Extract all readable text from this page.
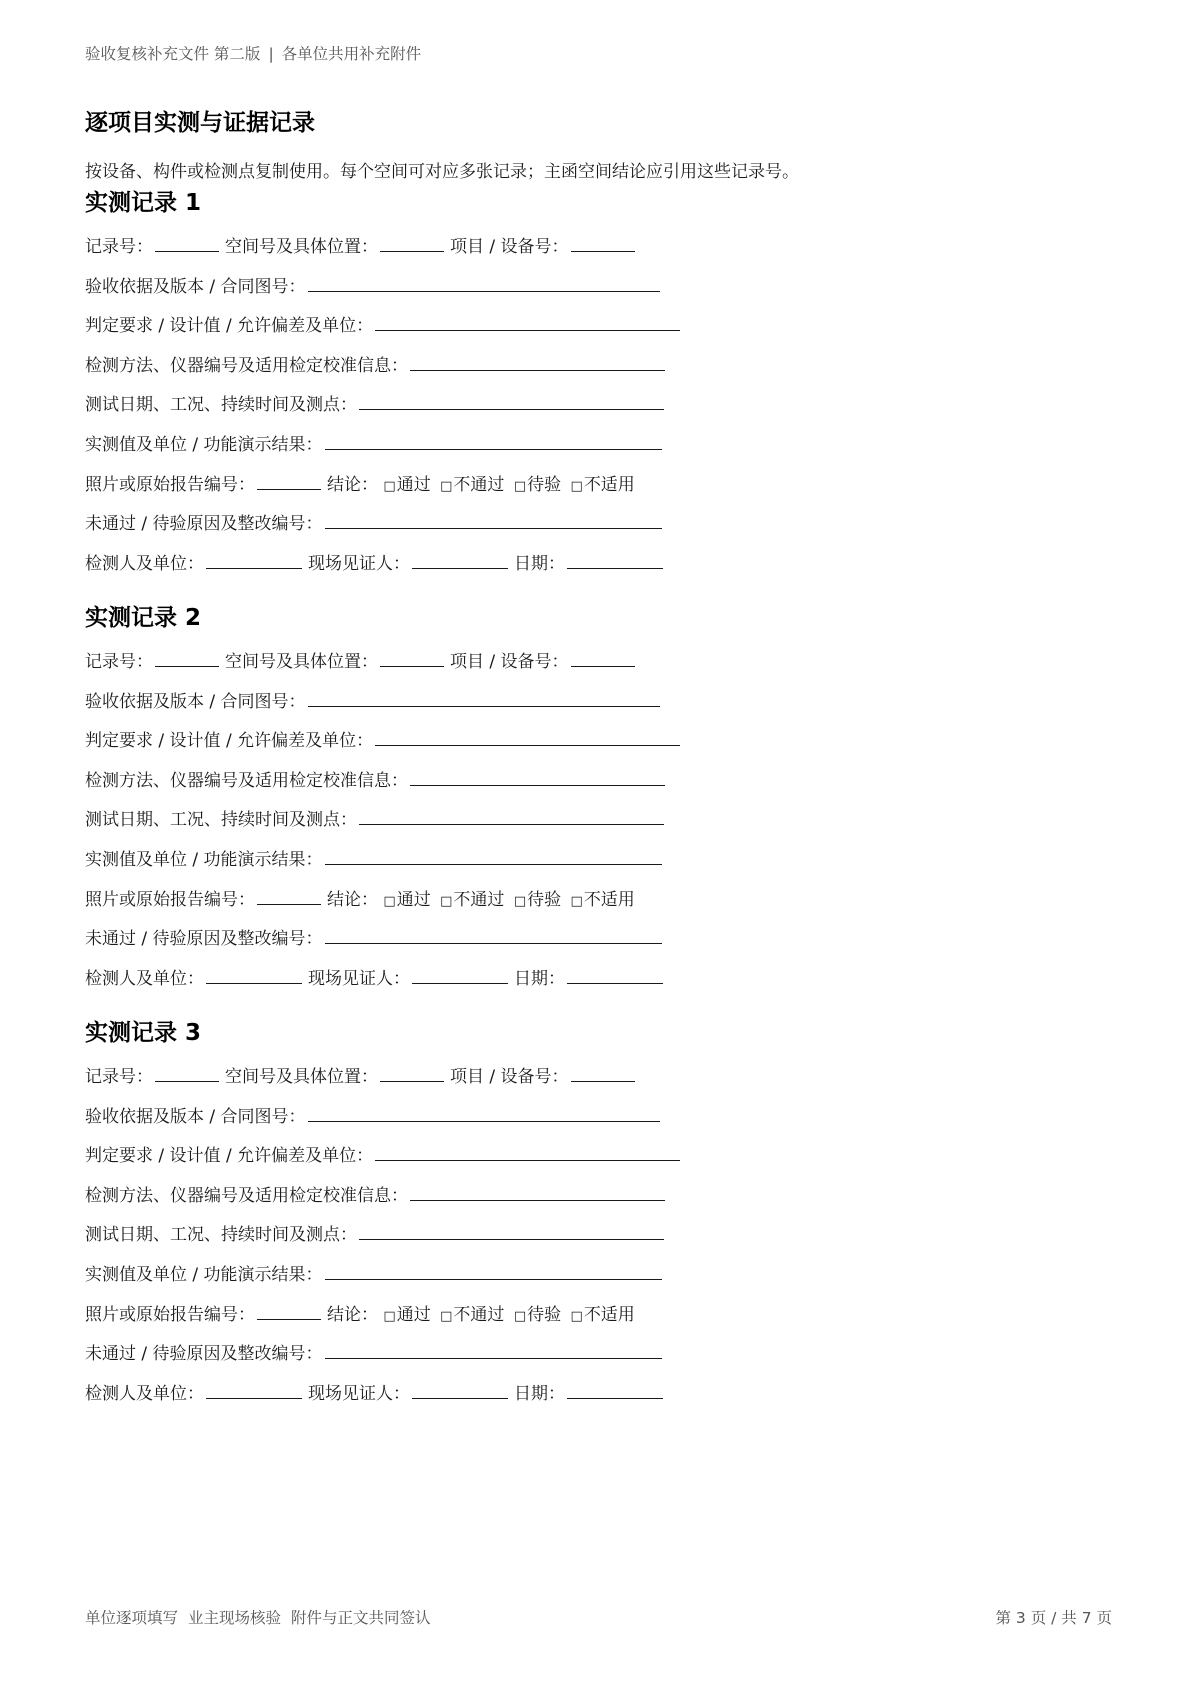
验收复核补充文件 第二版 | 各单位共用补充附件
逐项目实测与证据记录
按设备、构件或检测点复制使用。每个空间可对应多张记录；主函空间结论应引用这些记录号。
实测记录 1
记录号：	空间号及具体位置：	项目 / 设备号：
验收依据及版本 / 合同图号：
判定要求 / 设计值 / 允许偏差及单位：
检测方法、仪器编号及适用检定校准信息：
测试日期、工况、持续时间及测点：
实测值及单位 / 功能演示结果：
照片或原始报告编号：	结论： □通过 □不通过 □待验 □不适用
未通过 / 待验原因及整改编号：
检测人及单位：	现场见证人：	日期：
实测记录 2
记录号：	空间号及具体位置：	项目 / 设备号：
验收依据及版本 / 合同图号：
判定要求 / 设计值 / 允许偏差及单位：
检测方法、仪器编号及适用检定校准信息：
测试日期、工况、持续时间及测点：
实测值及单位 / 功能演示结果：
照片或原始报告编号：	结论： □通过 □不通过 □待验 □不适用
未通过 / 待验原因及整改编号：
检测人及单位：	现场见证人：	日期：
实测记录 3
记录号：	空间号及具体位置：	项目 / 设备号：
验收依据及版本 / 合同图号：
判定要求 / 设计值 / 允许偏差及单位：
检测方法、仪器编号及适用检定校准信息：
测试日期、工况、持续时间及测点：
实测值及单位 / 功能演示结果：
照片或原始报告编号：	结论： □通过 □不通过 □待验 □不适用
未通过 / 待验原因及整改编号：
检测人及单位：	现场见证人：	日期：
单位逐项填写 业主现场核验 附件与正文共同签认	第 3 页 / 共 7 页
